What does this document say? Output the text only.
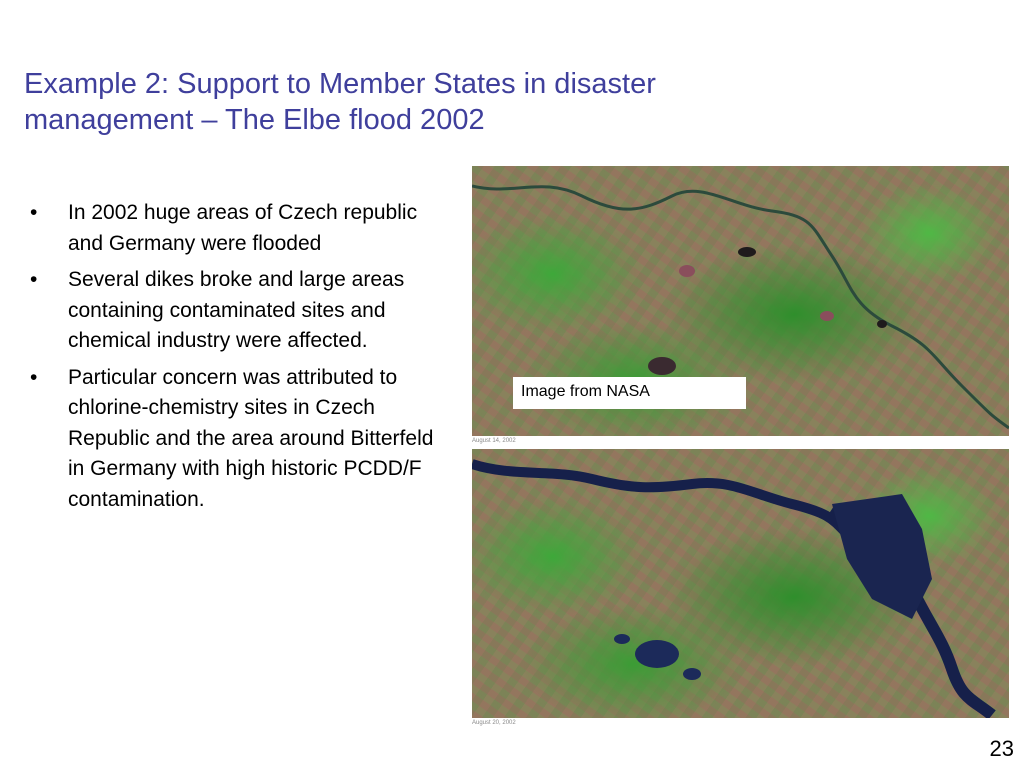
Example 2: Support to Member States in disaster management – The Elbe flood 2002
• In 2002 huge areas of Czech republic and Germany were flooded
• Several dikes broke and large areas containing contaminated sites and chemical industry were affected.
• Particular concern was attributed to chlorine-chemistry sites in Czech Republic and the area around Bitterfeld in Germany with high historic PCDD/F contamination.
August 14, 2002
August 20, 2002
Image from NASA
23
